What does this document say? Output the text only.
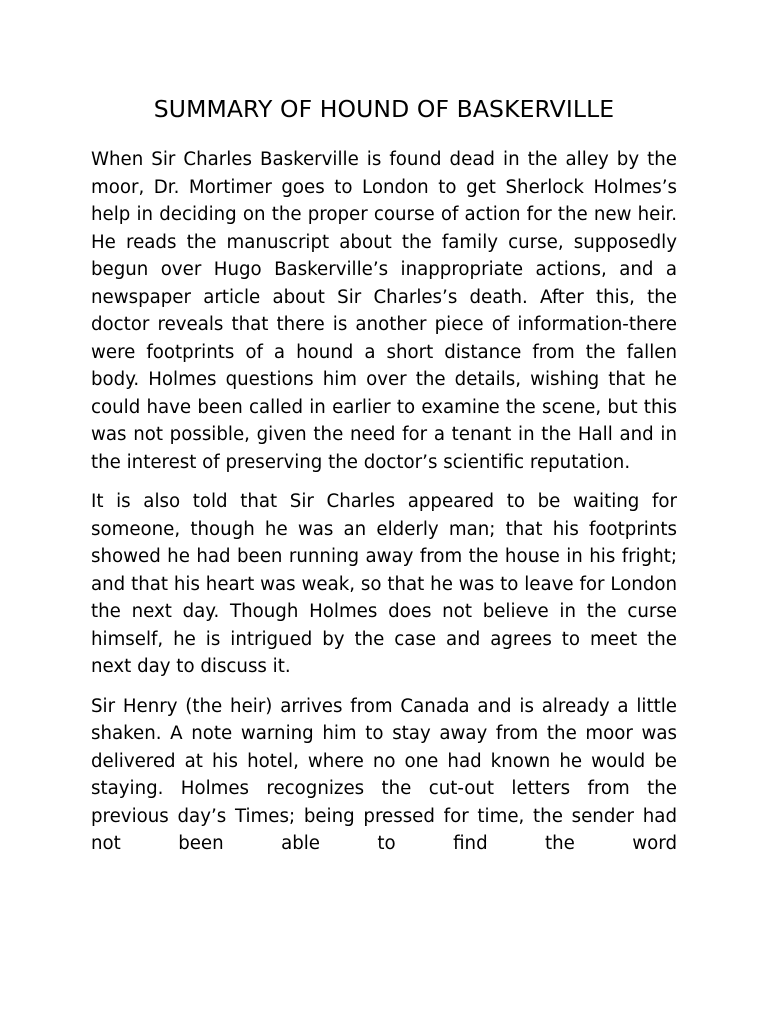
SUMMARY OF HOUND OF BASKERVILLE

When Sir Charles Baskerville is found dead in the alley by the moor, Dr. Mortimer goes to London to get Sherlock Holmes’s help in deciding on the proper course of action for the new heir. He reads the manuscript about the family curse, supposedly begun over Hugo Baskerville’s inappropriate actions, and a newspaper article about Sir Charles’s death. After this, the doctor reveals that there is another piece of information-there were footprints of a hound a short distance from the fallen body. Holmes questions him over the details, wishing that he could have been called in earlier to examine the scene, but this was not possible, given the need for a tenant in the Hall and in the interest of preserving the doctor’s scientific reputation.

It is also told that Sir Charles appeared to be waiting for someone, though he was an elderly man; that his footprints showed he had been running away from the house in his fright; and that his heart was weak, so that he was to leave for London the next day. Though Holmes does not believe in the curse himself, he is intrigued by the case and agrees to meet the next day to discuss it.

Sir Henry (the heir) arrives from Canada and is already a little shaken. A note warning him to stay away from the moor was delivered at his hotel, where no one had known he would be staying. Holmes recognizes the cut-out letters from the previous day’s Times; being pressed for time, the sender had not been able to find the word
